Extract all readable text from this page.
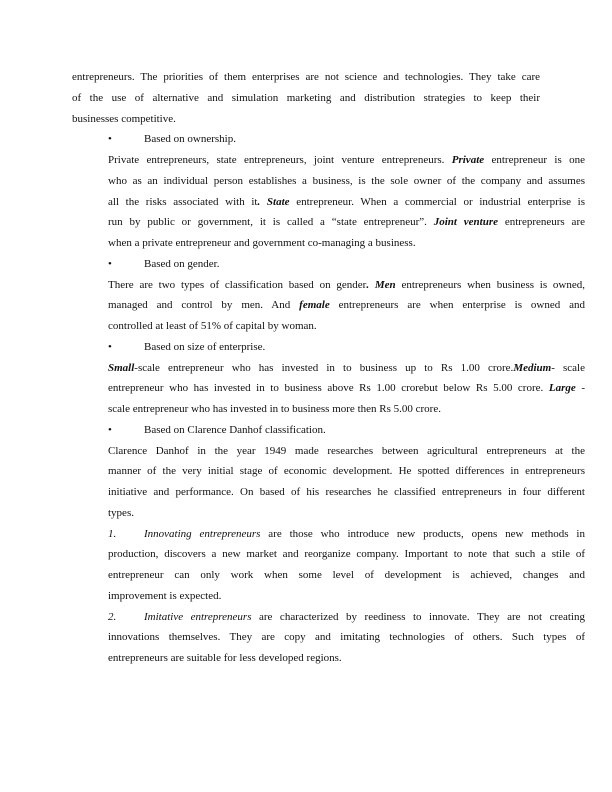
entrepreneurs. The priorities of them enterprises are not science and technologies. They take care
of the use of alternative and simulation marketing and distribution strategies to keep their
businesses competitive.
•	Based on ownership.
Private entrepreneurs, state entrepreneurs, joint venture entrepreneurs. Private entrepreneur is one
who as an individual person establishes a business, is the sole owner of the company and assumes
all the risks associated with it. State entrepreneur. When a commercial or industrial enterprise is
run by public or government, it is called a “state entrepreneur”. Joint venture entrepreneurs are
when a private entrepreneur and government co-managing a business.
•	Based on gender.
There are two types of classification based on gender. Men entrepreneurs when business is owned,
managed and control by men. And female entrepreneurs are when enterprise is owned and
controlled at least of 51% of capital by woman.
•	Based on size of enterprise.
Small-scale entrepreneur who has invested in to business up to Rs 1.00 crore.Medium- scale
entrepreneur who has invested in to business above Rs 1.00 crorebut below Rs 5.00 crore. Large -
scale entrepreneur who has invested in to business more then Rs 5.00 crore.
•	Based on Clarence Danhof classification.
Clarence Danhof in the year 1949 made researches between agricultural entrepreneurs at the
manner of the very initial stage of economic development. He spotted differences in entrepreneurs
initiative and performance. On based of his researches he classified entrepreneurs in four different
types.
1.	Innovating entrepreneurs are those who introduce new products, opens new methods in
production, discovers a new market and reorganize company. Important to note that such a stile of
entrepreneur can only work when some level of development is achieved, changes and
improvement is expected.
2.	Imitative entrepreneurs are characterized by reediness to innovate. They are not creating
innovations themselves. They are copy and imitating technologies of others. Such types of
entrepreneurs are suitable for less developed regions.
